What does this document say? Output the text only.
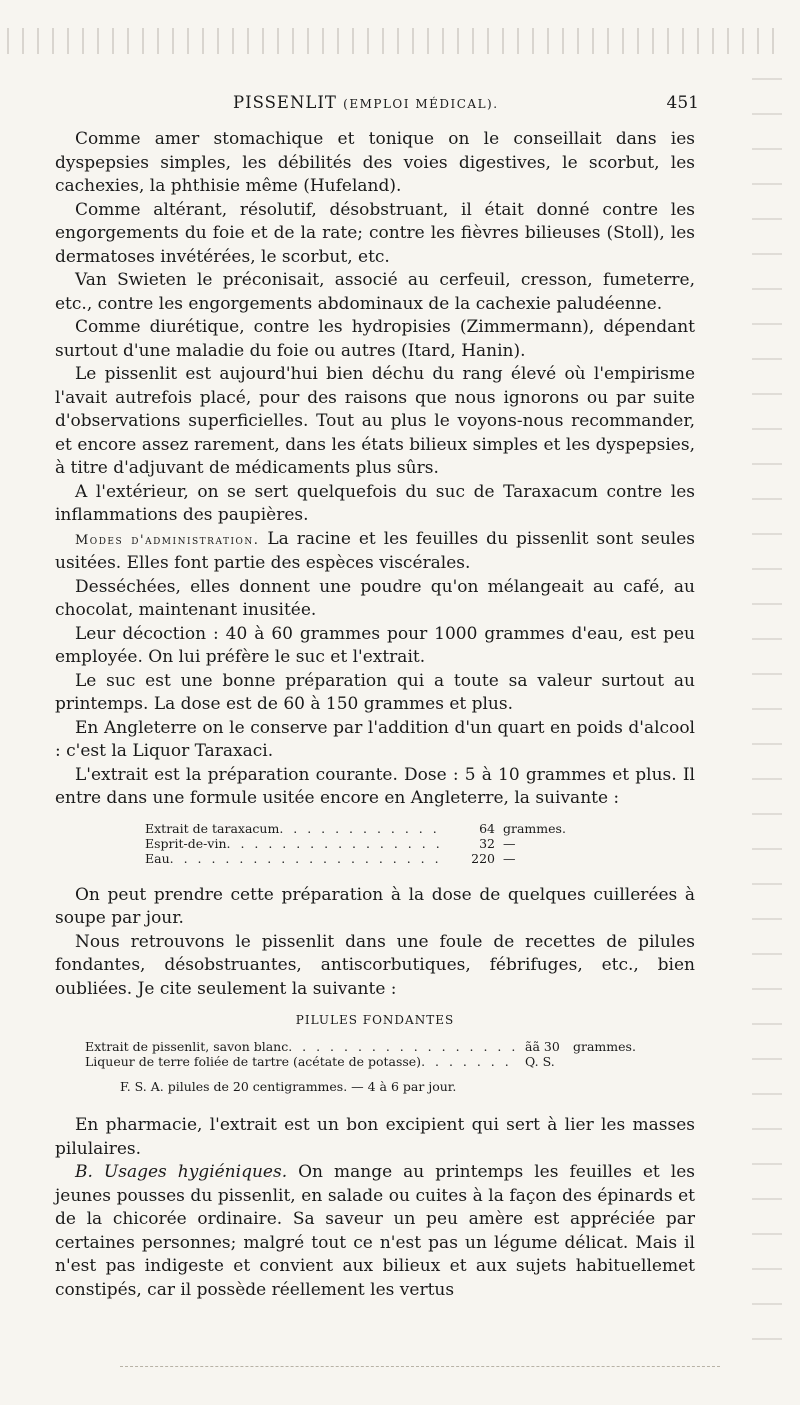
PISSENLIT (EMPLOI MÉDICAL).	451

Comme amer stomachique et tonique on le conseillait dans ies dyspepsies simples, les débilités des voies digestives, le scorbut, les cachexies, la phthisie même (Hufeland).

Comme altérant, résolutif, désobstruant, il était donné contre les engorgements du foie et de la rate; contre les fièvres bilieuses (Stoll), les dermatoses invétérées, le scorbut, etc.

Van Swieten le préconisait, associé au cerfeuil, cresson, fumeterre, etc., contre les engorgements abdominaux de la cachexie paludéenne.

Comme diurétique, contre les hydropisies (Zimmermann), dépendant surtout d'une maladie du foie ou autres (Itard, Hanin).

Le pissenlit est aujourd'hui bien déchu du rang élevé où l'empirisme l'avait autrefois placé, pour des raisons que nous ignorons ou par suite d'observations superficielles. Tout au plus le voyons-nous recommander, et encore assez rarement, dans les états bilieux simples et les dyspepsies, à titre d'adjuvant de médicaments plus sûrs.

A l'extérieur, on se sert quelquefois du suc de Taraxacum contre les inflammations des paupières.

Modes d'administration. La racine et les feuilles du pissenlit sont seules usitées. Elles font partie des espèces viscérales.

Desséchées, elles donnent une poudre qu'on mélangeait au café, au chocolat, maintenant inusitée.

Leur décoction : 40 à 60 grammes pour 1000 grammes d'eau, est peu employée. On lui préfère le suc et l'extrait.

Le suc est une bonne préparation qui a toute sa valeur surtout au printemps. La dose est de 60 à 150 grammes et plus.

En Angleterre on le conserve par l'addition d'un quart en poids d'alcool : c'est la Liquor Taraxaci.

L'extrait est la préparation courante. Dose : 5 à 10 grammes et plus. Il entre dans une formule usitée encore en Angleterre, la suivante :

Extrait de taraxacum . . .	64 grammes.
Esprit-de-vin . . .	32 —
Eau . . .	220 —

On peut prendre cette préparation à la dose de quelques cuillerées à soupe par jour.

Nous retrouvons le pissenlit dans une foule de recettes de pilules fondantes, désobstruantes, antiscorbutiques, fébrifuges, etc., bien oubliées. Je cite seulement la suivante :

PILULES FONDANTES
Extrait de pissenlit, savon blanc . . .	ãã 30	grammes.
Liqueur de terre foliée de tartre (acétate de potasse) . . .	Q. S.
F. S. A. pilules de 20 centigrammes. — 4 à 6 par jour.

En pharmacie, l'extrait est un bon excipient qui sert à lier les masses pilulaires.

B. Usages hygiéniques. On mange au printemps les feuilles et les jeunes pousses du pissenlit, en salade ou cuites à la façon des épinards et de la chicorée ordinaire. Sa saveur un peu amère est appréciée par certaines personnes; malgré tout ce n'est pas un légume délicat. Mais il n'est pas indigeste et convient aux bilieux et aux sujets habituellemet constipés, car il possède réellement les vertus
